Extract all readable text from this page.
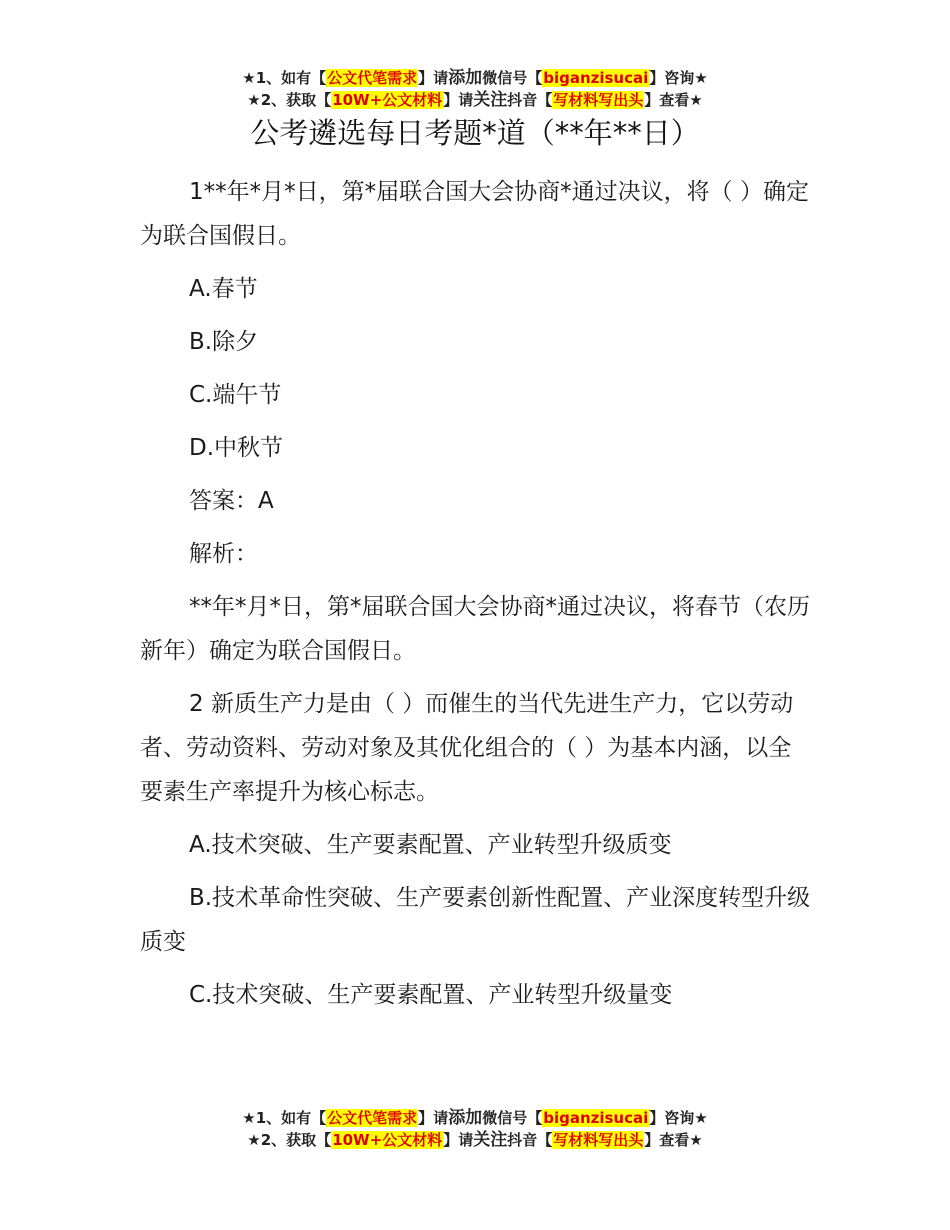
★1、如有【公文代笔需求】请添加微信号【biganzisucai】咨询★
★2、获取【10W+公文材料】请关注抖音【写材料写出头】查看★
公考遴选每日考题*道（**年**日）

1**年*月*日，第*届联合国大会协商*通过决议，将（ ）确定为联合国假日。

A.春节

B.除夕

C.端午节

D.中秋节

答案：A

解析：

**年*月*日，第*届联合国大会协商*通过决议，将春节（农历新年）确定为联合国假日。

2 新质生产力是由（ ）而催生的当代先进生产力，它以劳动者、劳动资料、劳动对象及其优化组合的（ ）为基本内涵，以全要素生产率提升为核心标志。

A.技术突破、生产要素配置、产业转型升级质变

B.技术革命性突破、生产要素创新性配置、产业深度转型升级质变

C.技术突破、生产要素配置、产业转型升级量变

★1、如有【公文代笔需求】请添加微信号【biganzisucai】咨询★
★2、获取【10W+公文材料】请关注抖音【写材料写出头】查看★
